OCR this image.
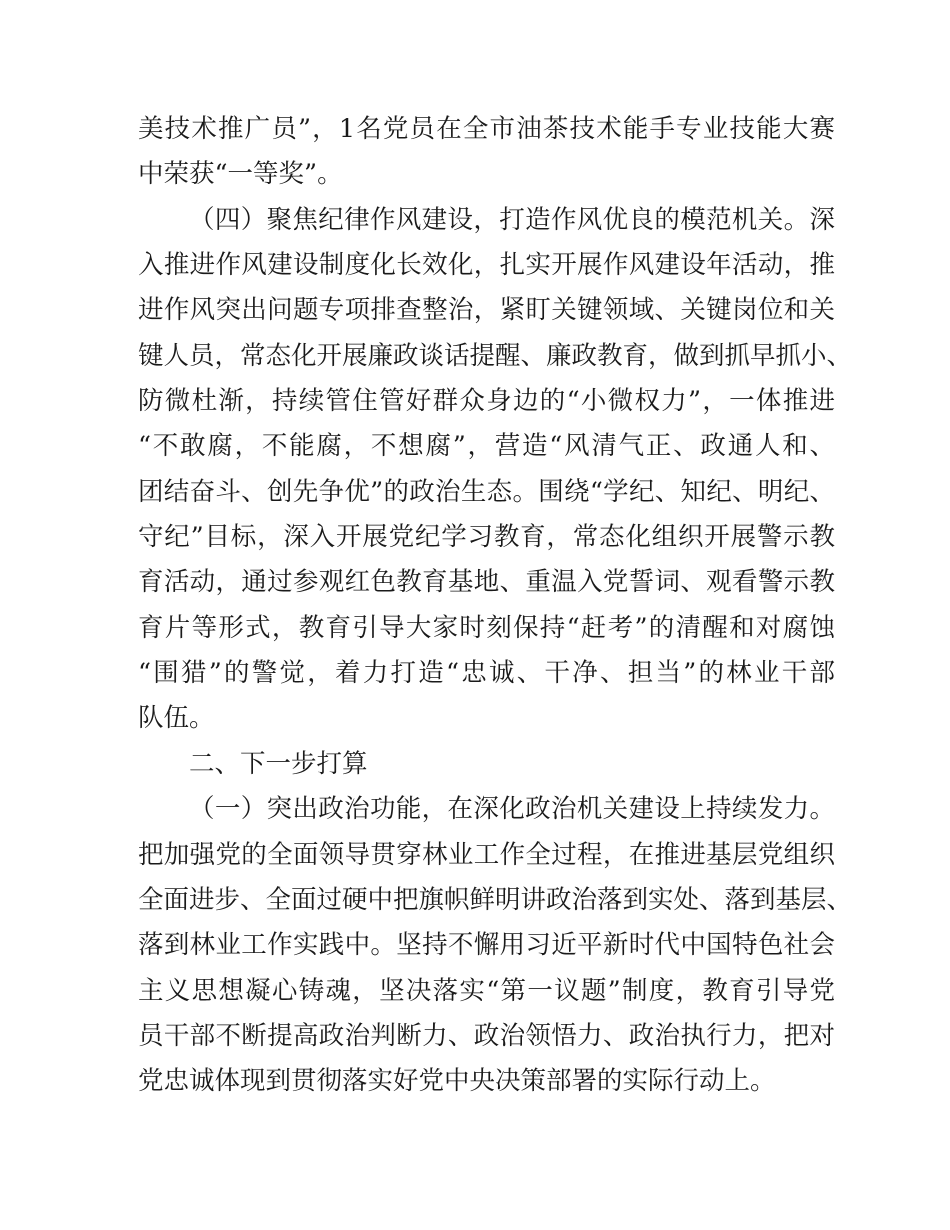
美技术推广员”，1名党员在全市油茶技术能手专业技能大赛
中荣获“一等奖”。
（四）聚焦纪律作风建设，打造作风优良的模范机关。深
入推进作风建设制度化长效化，扎实开展作风建设年活动，推
进作风突出问题专项排查整治，紧盯关键领域、关键岗位和关
键人员，常态化开展廉政谈话提醒、廉政教育，做到抓早抓小、
防微杜渐，持续管住管好群众身边的“小微权力”，一体推进
“不敢腐，不能腐，不想腐”，营造“风清气正、政通人和、
团结奋斗、创先争优”的政治生态。围绕“学纪、知纪、明纪、
守纪”目标，深入开展党纪学习教育，常态化组织开展警示教
育活动，通过参观红色教育基地、重温入党誓词、观看警示教
育片等形式，教育引导大家时刻保持“赶考”的清醒和对腐蚀
“围猎”的警觉，着力打造“忠诚、干净、担当”的林业干部
队伍。
二、下一步打算
（一）突出政治功能，在深化政治机关建设上持续发力。
把加强党的全面领导贯穿林业工作全过程，在推进基层党组织
全面进步、全面过硬中把旗帜鲜明讲政治落到实处、落到基层、
落到林业工作实践中。坚持不懈用习近平新时代中国特色社会
主义思想凝心铸魂，坚决落实“第一议题”制度，教育引导党
员干部不断提高政治判断力、政治领悟力、政治执行力，把对
党忠诚体现到贯彻落实好党中央决策部署的实际行动上。
